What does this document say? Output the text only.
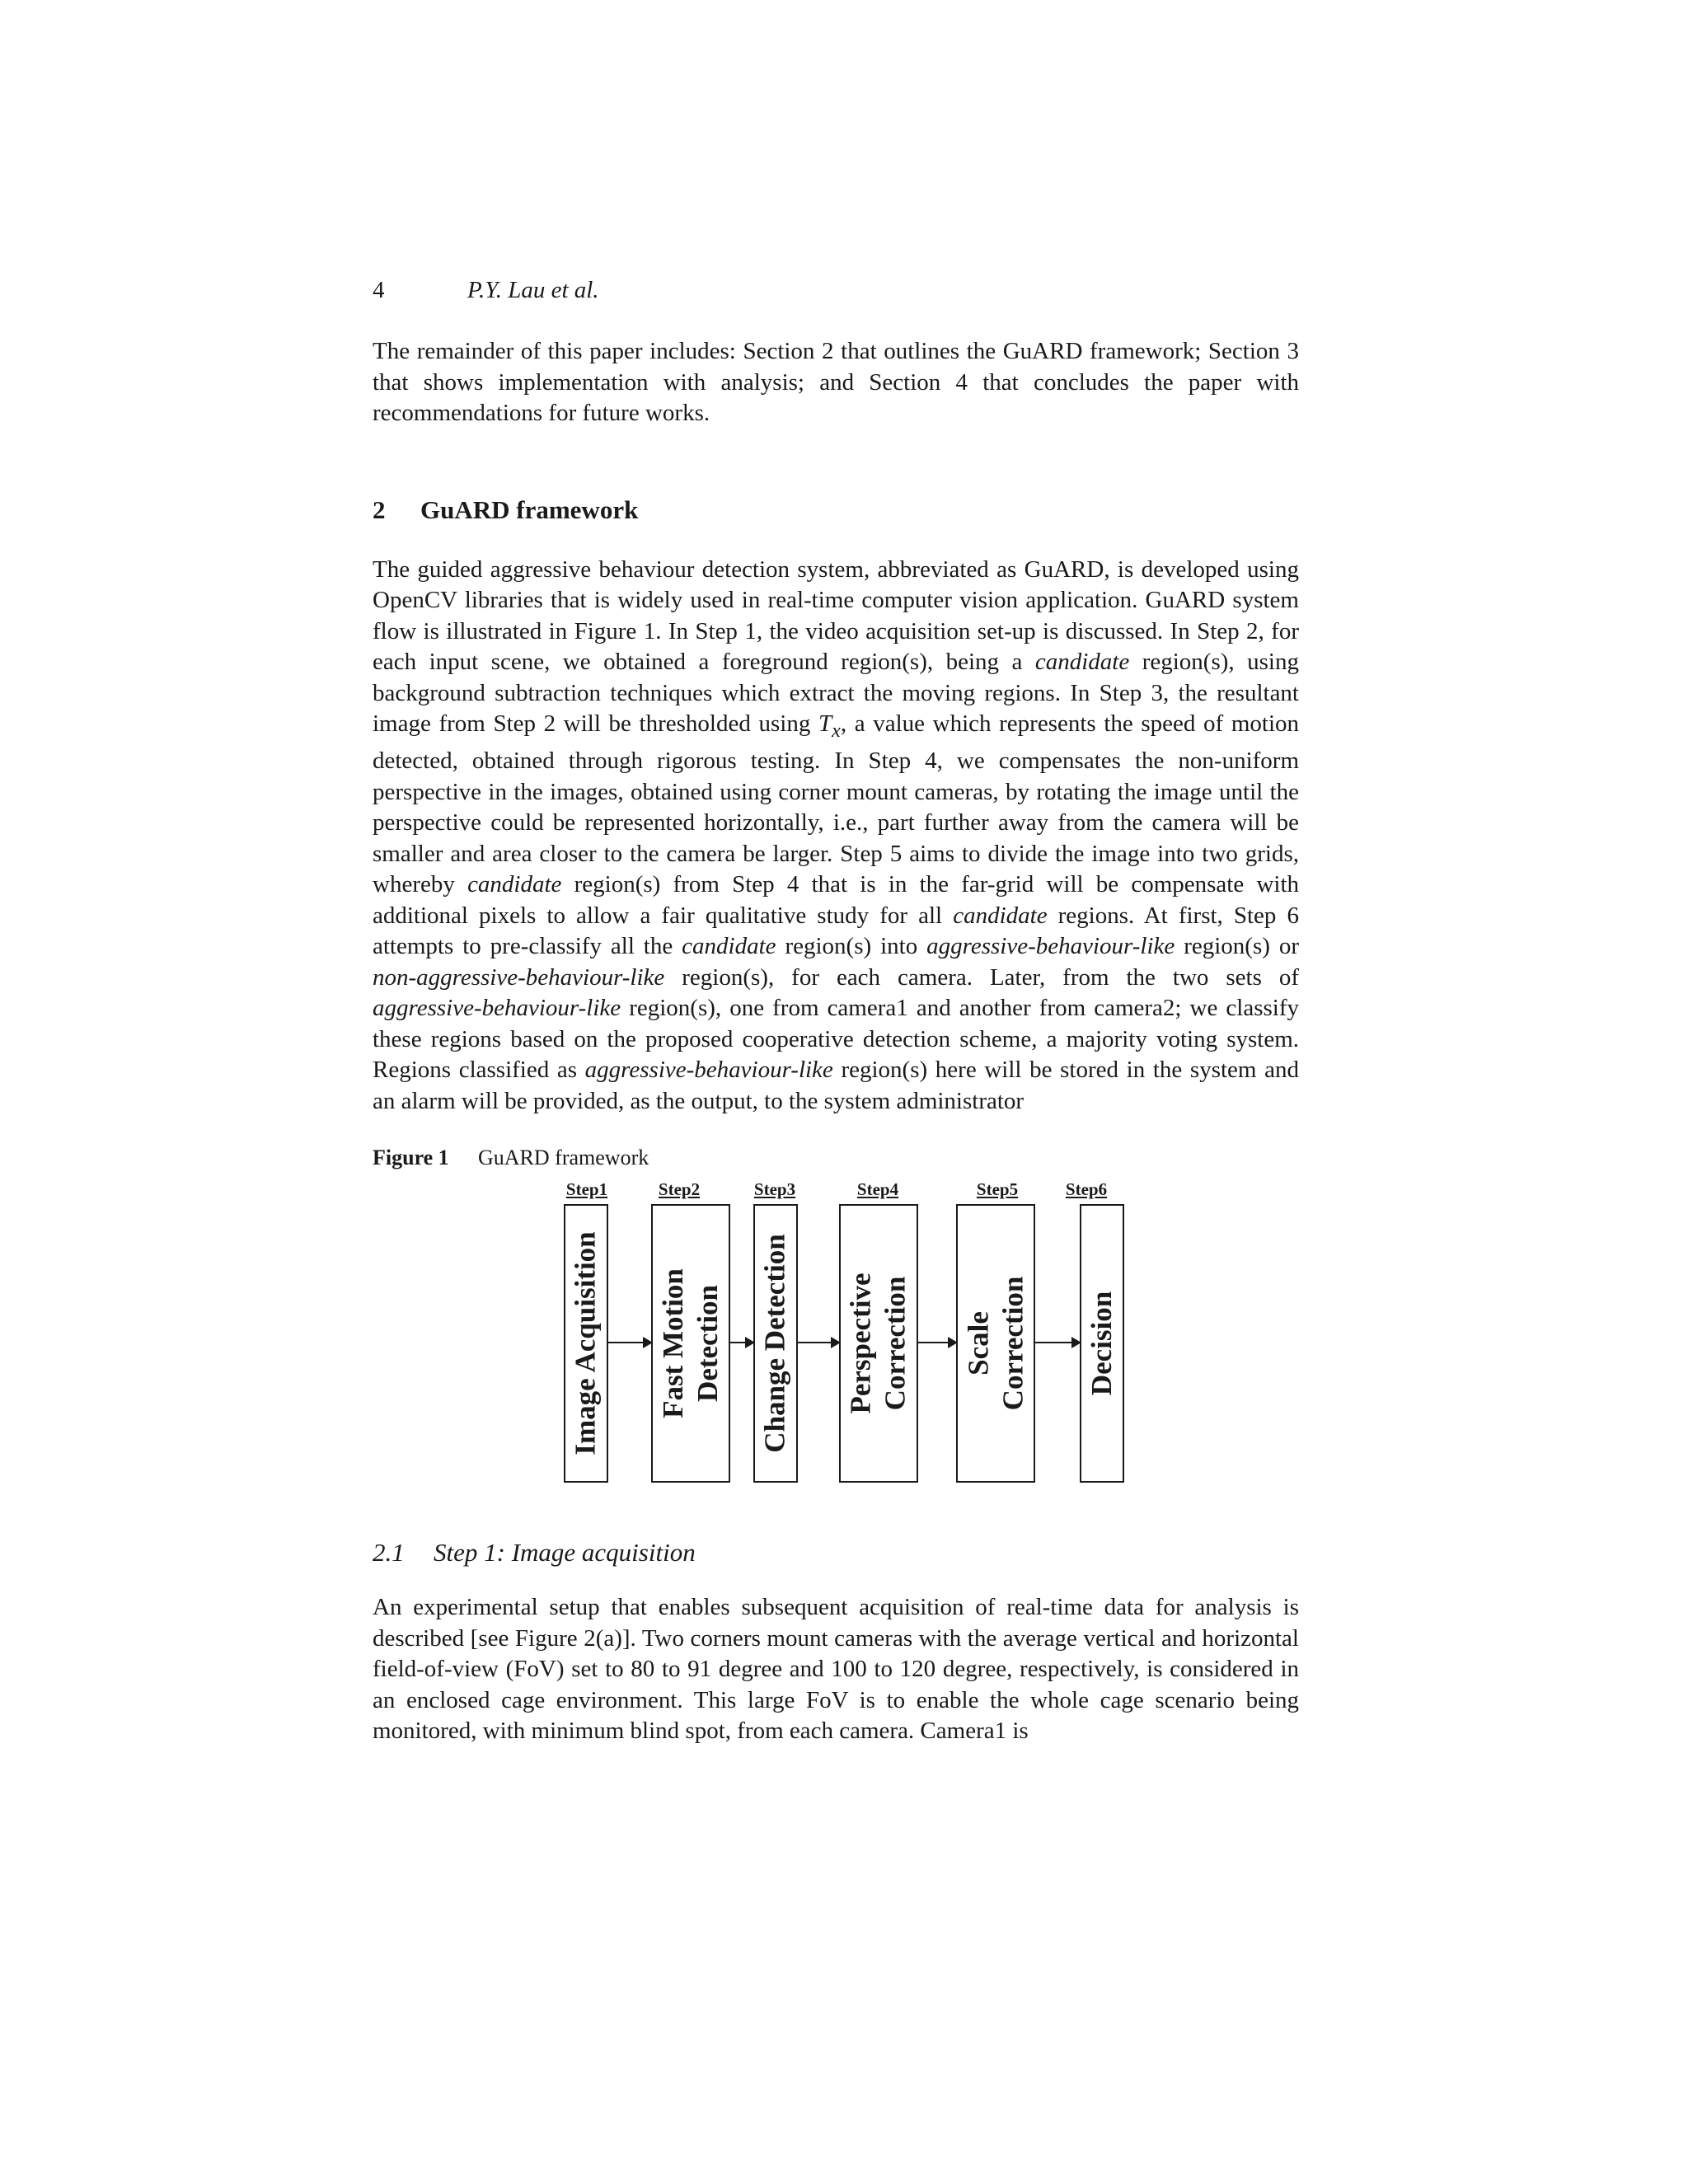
4	P.Y. Lau et al.

The remainder of this paper includes: Section 2 that outlines the GuARD framework; Section 3 that shows implementation with analysis; and Section 4 that concludes the paper with recommendations for future works.

2 GuARD framework

The guided aggressive behaviour detection system, abbreviated as GuARD, is developed using OpenCV libraries that is widely used in real-time computer vision application. GuARD system flow is illustrated in Figure 1. In Step 1, the video acquisition set-up is discussed. In Step 2, for each input scene, we obtained a foreground region(s), being a candidate region(s), using background subtraction techniques which extract the moving regions. In Step 3, the resultant image from Step 2 will be thresholded using $T_x$, a value which represents the speed of motion detected, obtained through rigorous testing. In Step 4, we compensates the non-uniform perspective in the images, obtained using corner mount cameras, by rotating the image until the perspective could be represented horizontally, i.e., part further away from the camera will be smaller and area closer to the camera be larger. Step 5 aims to divide the image into two grids, whereby candidate region(s) from Step 4 that is in the far-grid will be compensate with additional pixels to allow a fair qualitative study for all candidate regions. At first, Step 6 attempts to pre-classify all the candidate region(s) into aggressive-behaviour-like region(s) or non-aggressive-behaviour-like region(s), for each camera. Later, from the two sets of aggressive-behaviour-like region(s), one from camera1 and another from camera2; we classify these regions based on the proposed cooperative detection scheme, a majority voting system. Regions classified as aggressive-behaviour-like region(s) here will be stored in the system and an alarm will be provided, as the output, to the system administrator

Figure 1 GuARD framework
Step1	Step2	Step3	Step4	Step5	Step6
Image Acquisition Fast Motion Detection Change Detection Perspective Correction Scale Correction Decision
2.1 Step 1: Image acquisition

An experimental setup that enables subsequent acquisition of real-time data for analysis is described [see Figure 2(a)]. Two corners mount cameras with the average vertical and horizontal field-of-view (FoV) set to 80 to 91 degree and 100 to 120 degree, respectively, is considered in an enclosed cage environment. This large FoV is to enable the whole cage scenario being monitored, with minimum blind spot, from each camera. Camera1 is
